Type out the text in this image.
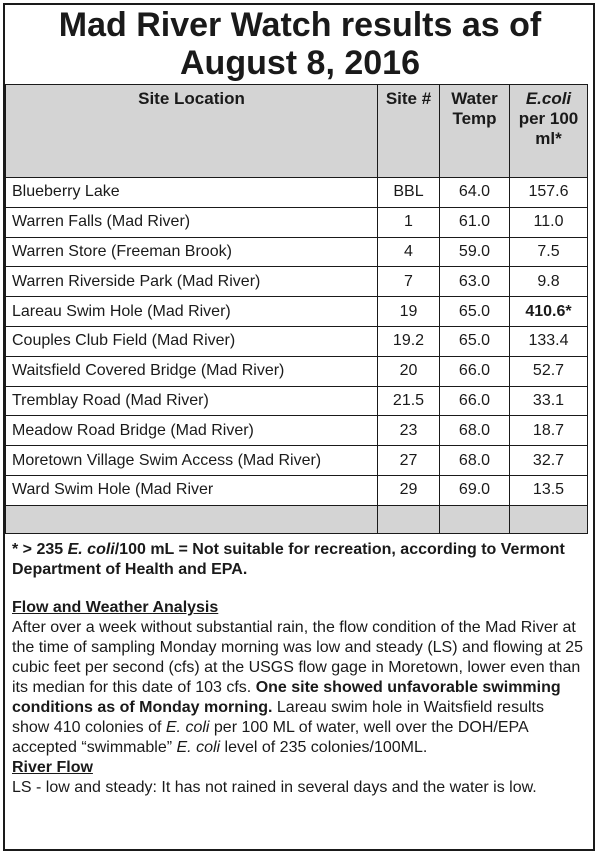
Mad River Watch results as of August 8, 2016
Site Location	Site #	Water Temp	E.coli
per 100 ml*
Blueberry Lake	BBL	64.0	157.6
Warren Falls (Mad River)	1	61.0	11.0
Warren Store (Freeman Brook)	4	59.0	7.5
Warren Riverside Park (Mad River)	7	63.0	9.8
Lareau Swim Hole (Mad River)	19	65.0	410.6*
Couples Club Field (Mad River)	19.2	65.0	133.4
Waitsfield Covered Bridge (Mad River)	20	66.0	52.7
Tremblay Road (Mad River)	21.5	66.0	33.1
Meadow Road Bridge (Mad River)	23	68.0	18.7
Moretown Village Swim Access (Mad River)	27	68.0	32.7
Ward Swim Hole (Mad River	29	69.0	13.5

* > 235 E. coli/100 mL = Not suitable for recreation, according to Vermont Department of Health and EPA.

Flow and Weather Analysis

After over a week without substantial rain, the flow condition of the Mad River at the time of sampling Monday morning was low and steady (LS) and flowing at 25 cubic feet per second (cfs) at the USGS flow gage in Moretown, lower even than its median for this date of 103 cfs. One site showed unfavorable swimming conditions as of Monday morning. Lareau swim hole in Waitsfield results show 410 colonies of E. coli per 100 ML of water, well over the DOH/EPA accepted “swimmable” E. coli level of 235 colonies/100ML.

River Flow

LS - low and steady: It has not rained in several days and the water is low.
